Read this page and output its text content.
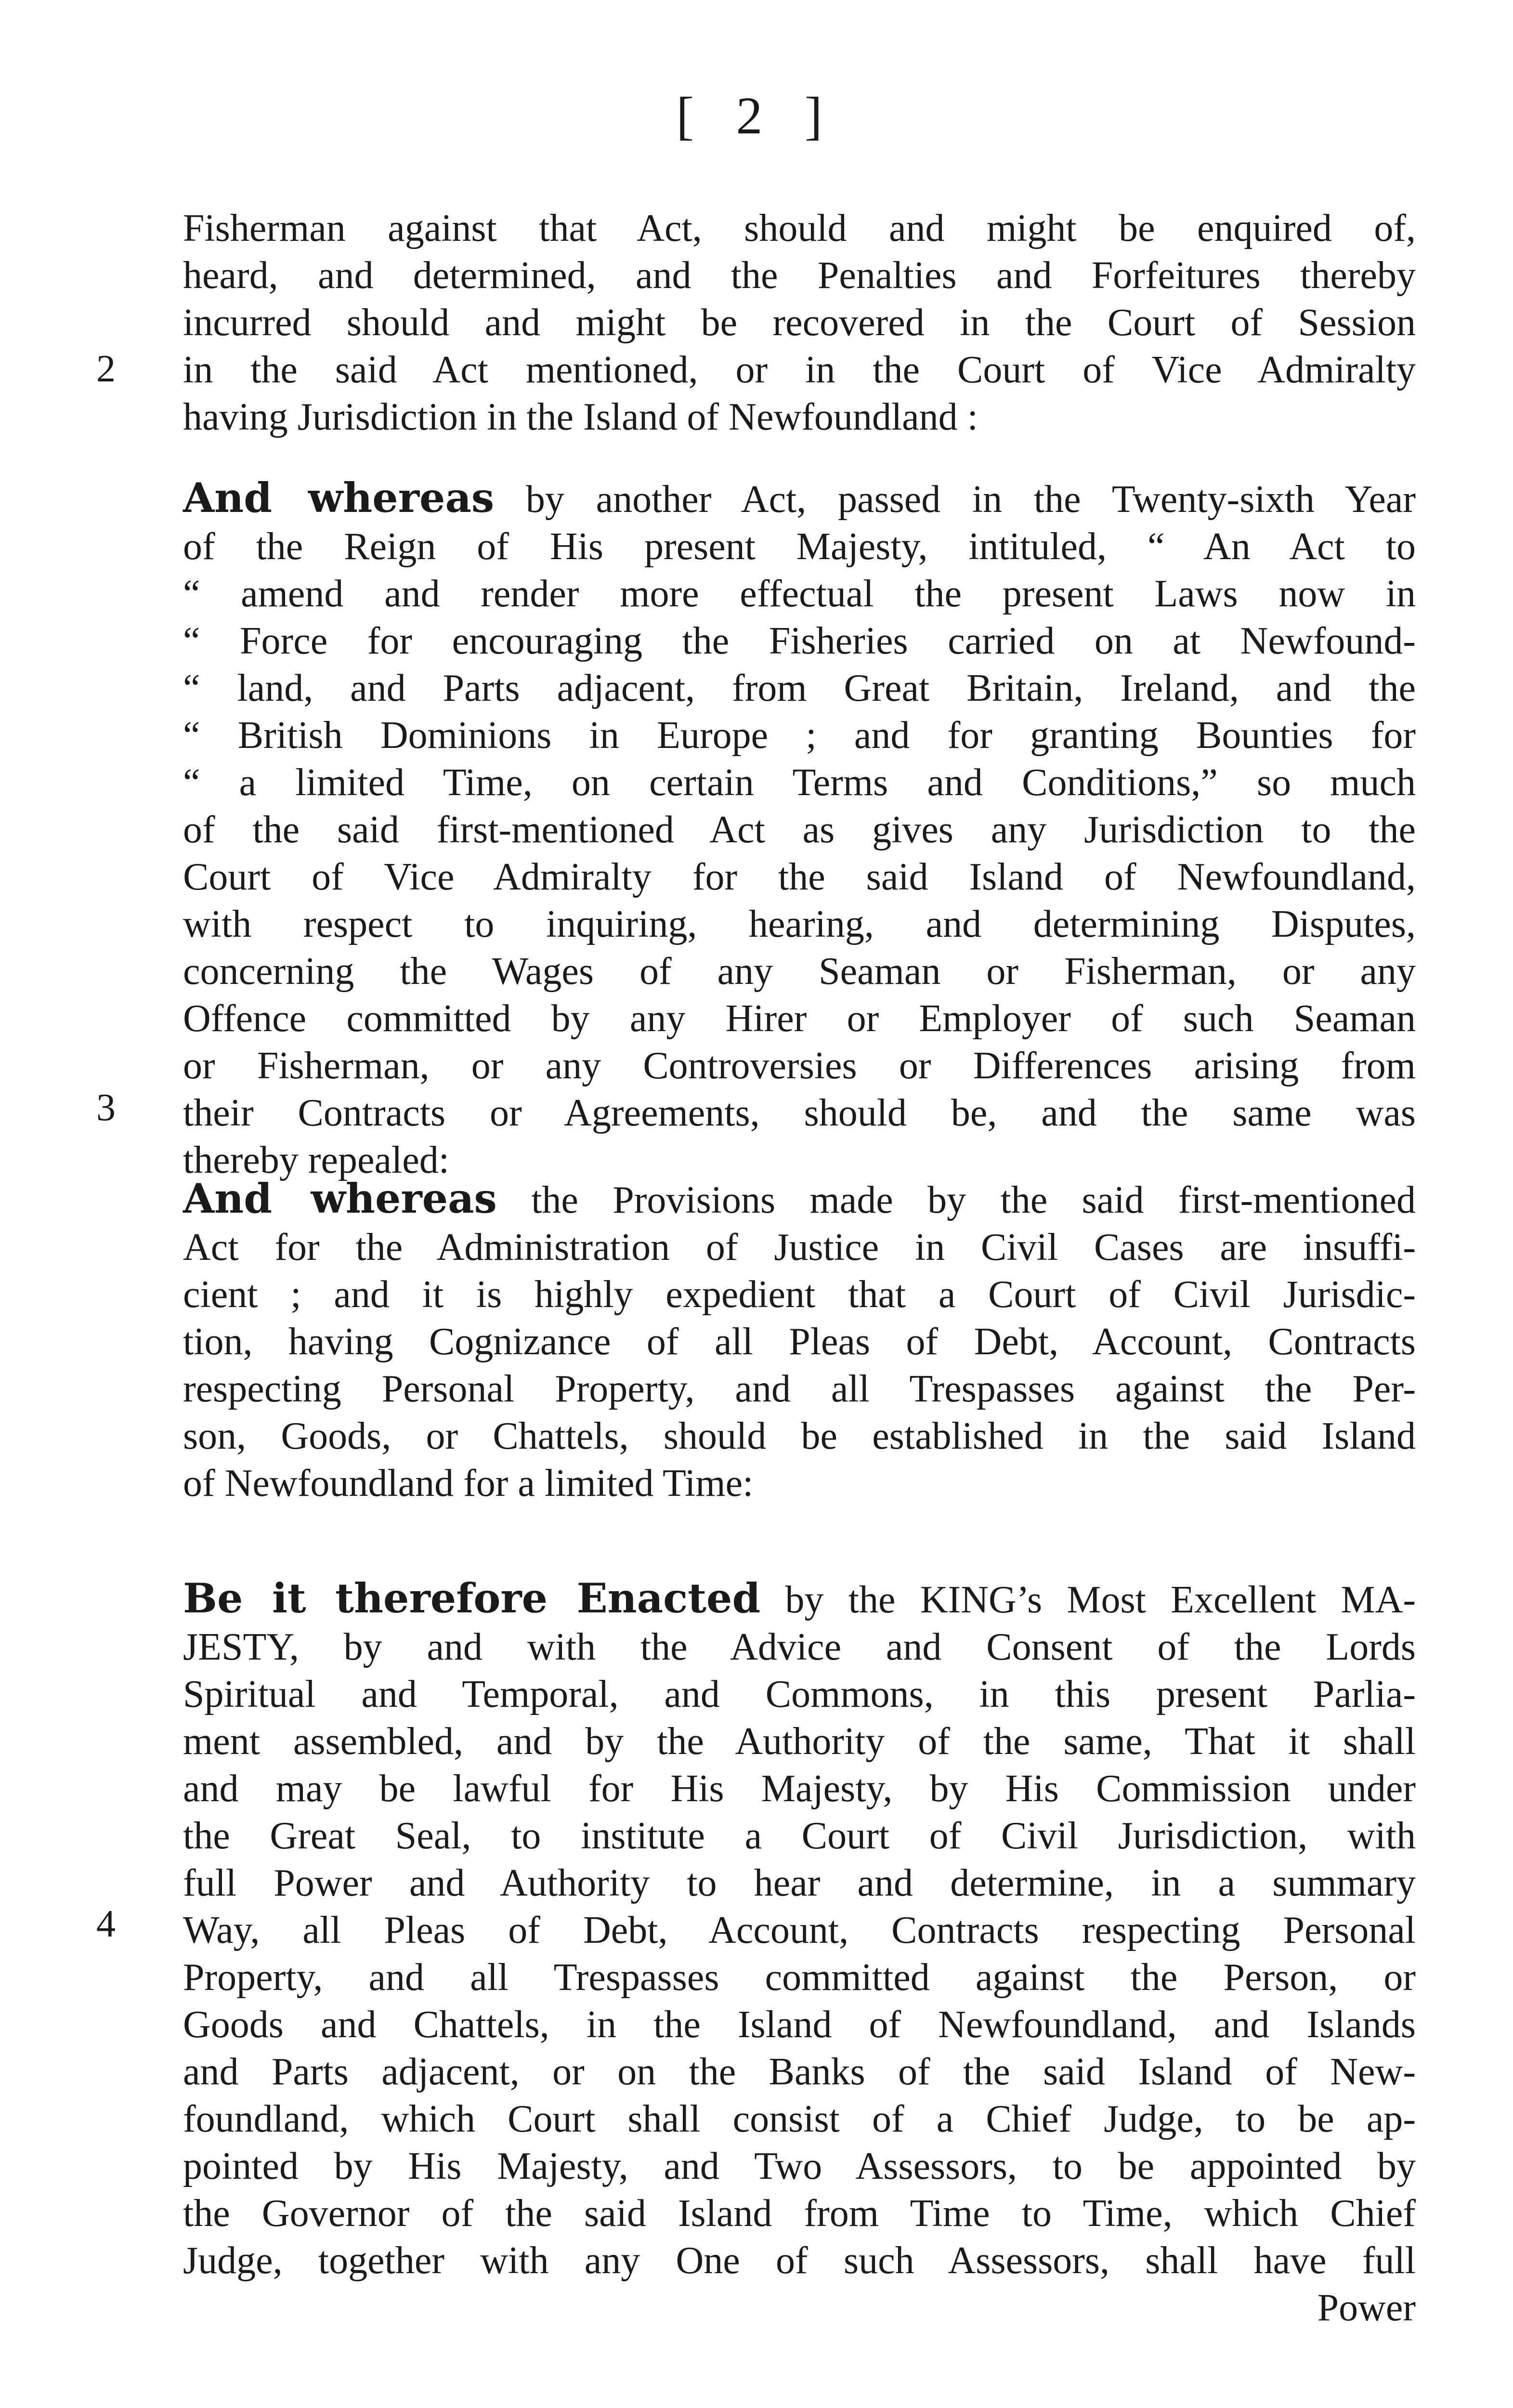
[ 2 ]
2
3
4
Fisherman against that Act, should and might be enquired of,
heard, and determined, and the Penalties and Forfeitures thereby
incurred should and might be recovered in the Court of Session
in the said Act mentioned, or in the Court of Vice Admiralty
having Jurisdiction in the Island of Newfoundland :
And whereas by another Act, passed in the Twenty-sixth Year
of the Reign of His present Majesty, intituled, “ An Act to
“ amend and render more effectual the present Laws now in
“ Force for encouraging the Fisheries carried on at Newfound-
“ land, and Parts adjacent, from Great Britain, Ireland, and the
“ British Dominions in Europe ; and for granting Bounties for
“ a limited Time, on certain Terms and Conditions,” so much
of the said first-mentioned Act as gives any Jurisdiction to the
Court of Vice Admiralty for the said Island of Newfoundland,
with respect to inquiring, hearing, and determining Disputes,
concerning the Wages of any Seaman or Fisherman, or any
Offence committed by any Hirer or Employer of such Seaman
or Fisherman, or any Controversies or Differences arising from
their Contracts or Agreements, should be, and the same was
thereby repealed:
And whereas the Provisions made by the said first-mentioned
Act for the Administration of Justice in Civil Cases are insuffi-
cient ; and it is highly expedient that a Court of Civil Jurisdic-
tion, having Cognizance of all Pleas of Debt, Account, Contracts
respecting Personal Property, and all Trespasses against the Per-
son, Goods, or Chattels, should be established in the said Island
of Newfoundland for a limited Time:
Be it therefore Enacted by the KING’s Most Excellent MA-
JESTY, by and with the Advice and Consent of the Lords
Spiritual and Temporal, and Commons, in this present Parlia-
ment assembled, and by the Authority of the same, That it shall
and may be lawful for His Majesty, by His Commission under
the Great Seal, to institute a Court of Civil Jurisdiction, with
full Power and Authority to hear and determine, in a summary
Way, all Pleas of Debt, Account, Contracts respecting Personal
Property, and all Trespasses committed against the Person, or
Goods and Chattels, in the Island of Newfoundland, and Islands
and Parts adjacent, or on the Banks of the said Island of New-
foundland, which Court shall consist of a Chief Judge, to be ap-
pointed by His Majesty, and Two Assessors, to be appointed by
the Governor of the said Island from Time to Time, which Chief
Judge, together with any One of such Assessors, shall have full
Power
